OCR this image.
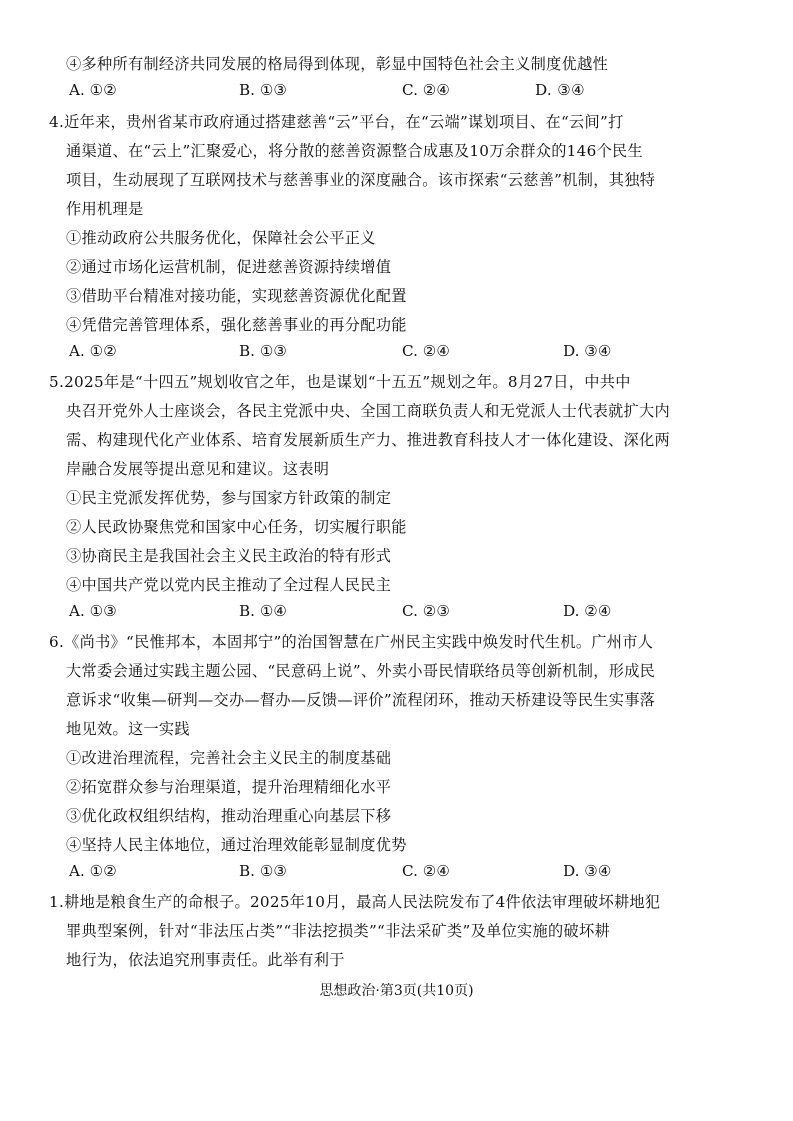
④多种所有制经济共同发展的格局得到体现，彰显中国特色社会主义制度优越性
A. ①②	B. ①③	C. ②④	D. ③④
4.近年来，贵州省某市政府通过搭建慈善“云”平台，在“云端”谋划项目、在“云间”打
通渠道、在“云上”汇聚爱心，将分散的慈善资源整合成惠及10万余群众的146个民生
项目，生动展现了互联网技术与慈善事业的深度融合。该市探索“云慈善”机制，其独特
作用机理是
①推动政府公共服务优化，保障社会公平正义
②通过市场化运营机制，促进慈善资源持续增值
③借助平台精准对接功能，实现慈善资源优化配置
④凭借完善管理体系，强化慈善事业的再分配功能
A. ①②	B. ①③	C. ②④	D. ③④
5.2025年是“十四五”规划收官之年，也是谋划“十五五”规划之年。8月27日，中共中
央召开党外人士座谈会，各民主党派中央、全国工商联负责人和无党派人士代表就扩大内
需、构建现代化产业体系、培育发展新质生产力、推进教育科技人才一体化建设、深化两
岸融合发展等提出意见和建议。这表明
①民主党派发挥优势，参与国家方针政策的制定
②人民政协聚焦党和国家中心任务，切实履行职能
③协商民主是我国社会主义民主政治的特有形式
④中国共产党以党内民主推动了全过程人民民主
A. ①③	B. ①④	C. ②③	D. ②④
6.《尚书》“民惟邦本，本固邦宁”的治国智慧在广州民主实践中焕发时代生机。广州市人
大常委会通过实践主题公园、“民意码上说”、外卖小哥民情联络员等创新机制，形成民
意诉求“收集—研判—交办—督办—反馈—评价”流程闭环，推动天桥建设等民生实事落
地见效。这一实践
①改进治理流程，完善社会主义民主的制度基础
②拓宽群众参与治理渠道，提升治理精细化水平
③优化政权组织结构，推动治理重心向基层下移
④坚持人民主体地位，通过治理效能彰显制度优势
A. ①②	B. ①③	C. ②④	D. ③④
1.耕地是粮食生产的命根子。2025年10月，最高人民法院发布了4件依法审理破坏耕地犯
罪典型案例，针对“非法压占类”“非法挖损类”“非法采矿类”及单位实施的破坏耕
地行为，依法追究刑事责任。此举有利于
思想政治·第3页(共10页)
